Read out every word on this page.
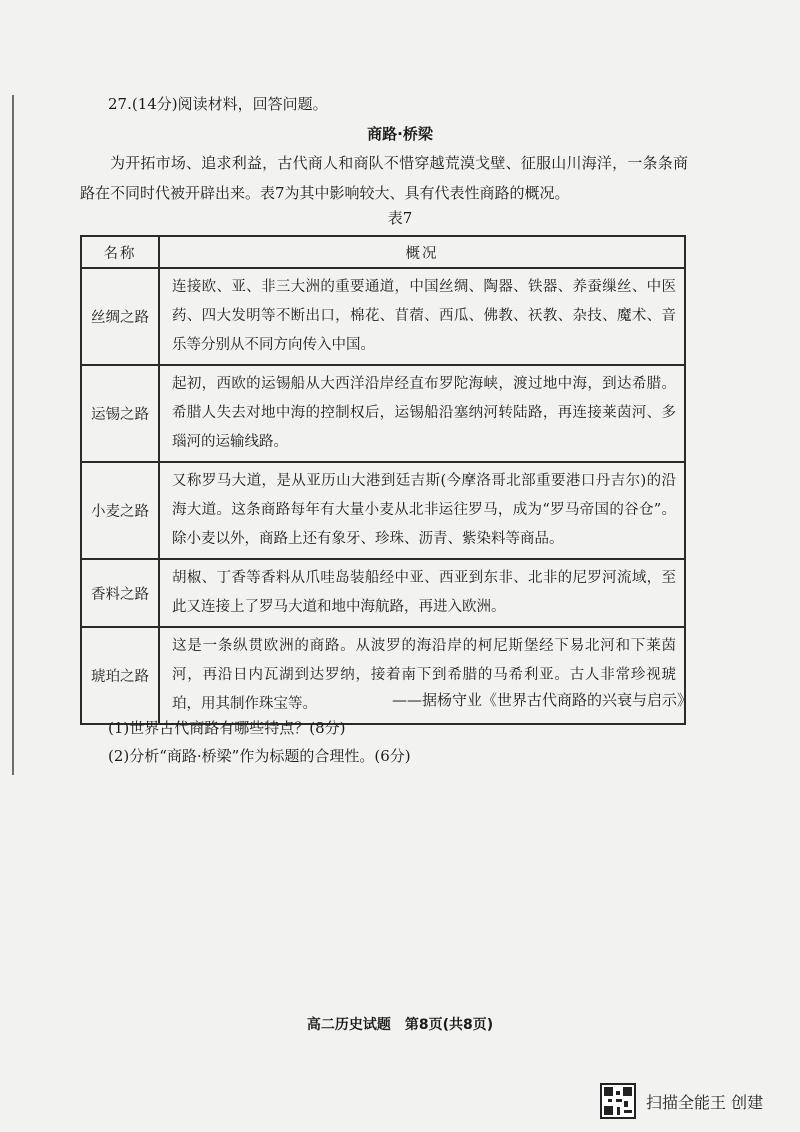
27.(14分)阅读材料，回答问题。
商路·桥梁
为开拓市场、追求利益，古代商人和商队不惜穿越荒漠戈壁、征服山川海洋，一条条商路在不同时代被开辟出来。表7为其中影响较大、具有代表性商路的概况。
表7
名称	概况
丝绸之路	连接欧、亚、非三大洲的重要通道，中国丝绸、陶器、铁器、养蚕缫丝、中医药、四大发明等不断出口，棉花、苜蓿、西瓜、佛教、祆教、杂技、魔术、音乐等分别从不同方向传入中国。
运锡之路	起初，西欧的运锡船从大西洋沿岸经直布罗陀海峡，渡过地中海，到达希腊。希腊人失去对地中海的控制权后，运锡船沿塞纳河转陆路，再连接莱茵河、多瑙河的运输线路。
小麦之路	又称罗马大道，是从亚历山大港到廷吉斯(今摩洛哥北部重要港口丹吉尔)的沿海大道。这条商路每年有大量小麦从北非运往罗马，成为“罗马帝国的谷仓”。除小麦以外，商路上还有象牙、珍珠、沥青、紫染料等商品。
香料之路	胡椒、丁香等香料从爪哇岛装船经中亚、西亚到东非、北非的尼罗河流域，至此又连接上了罗马大道和地中海航路，再进入欧洲。
琥珀之路	这是一条纵贯欧洲的商路。从波罗的海沿岸的柯尼斯堡经下易北河和下莱茵河，再沿日内瓦湖到达罗纳，接着南下到希腊的马希利亚。古人非常珍视琥珀，用其制作珠宝等。	——据杨守业《世界古代商路的兴衰与启示》
(1)世界古代商路有哪些特点？(8分)
(2)分析“商路·桥梁”作为标题的合理性。(6分)
高二历史试题　第8页(共8页)
扫描全能王 创建
